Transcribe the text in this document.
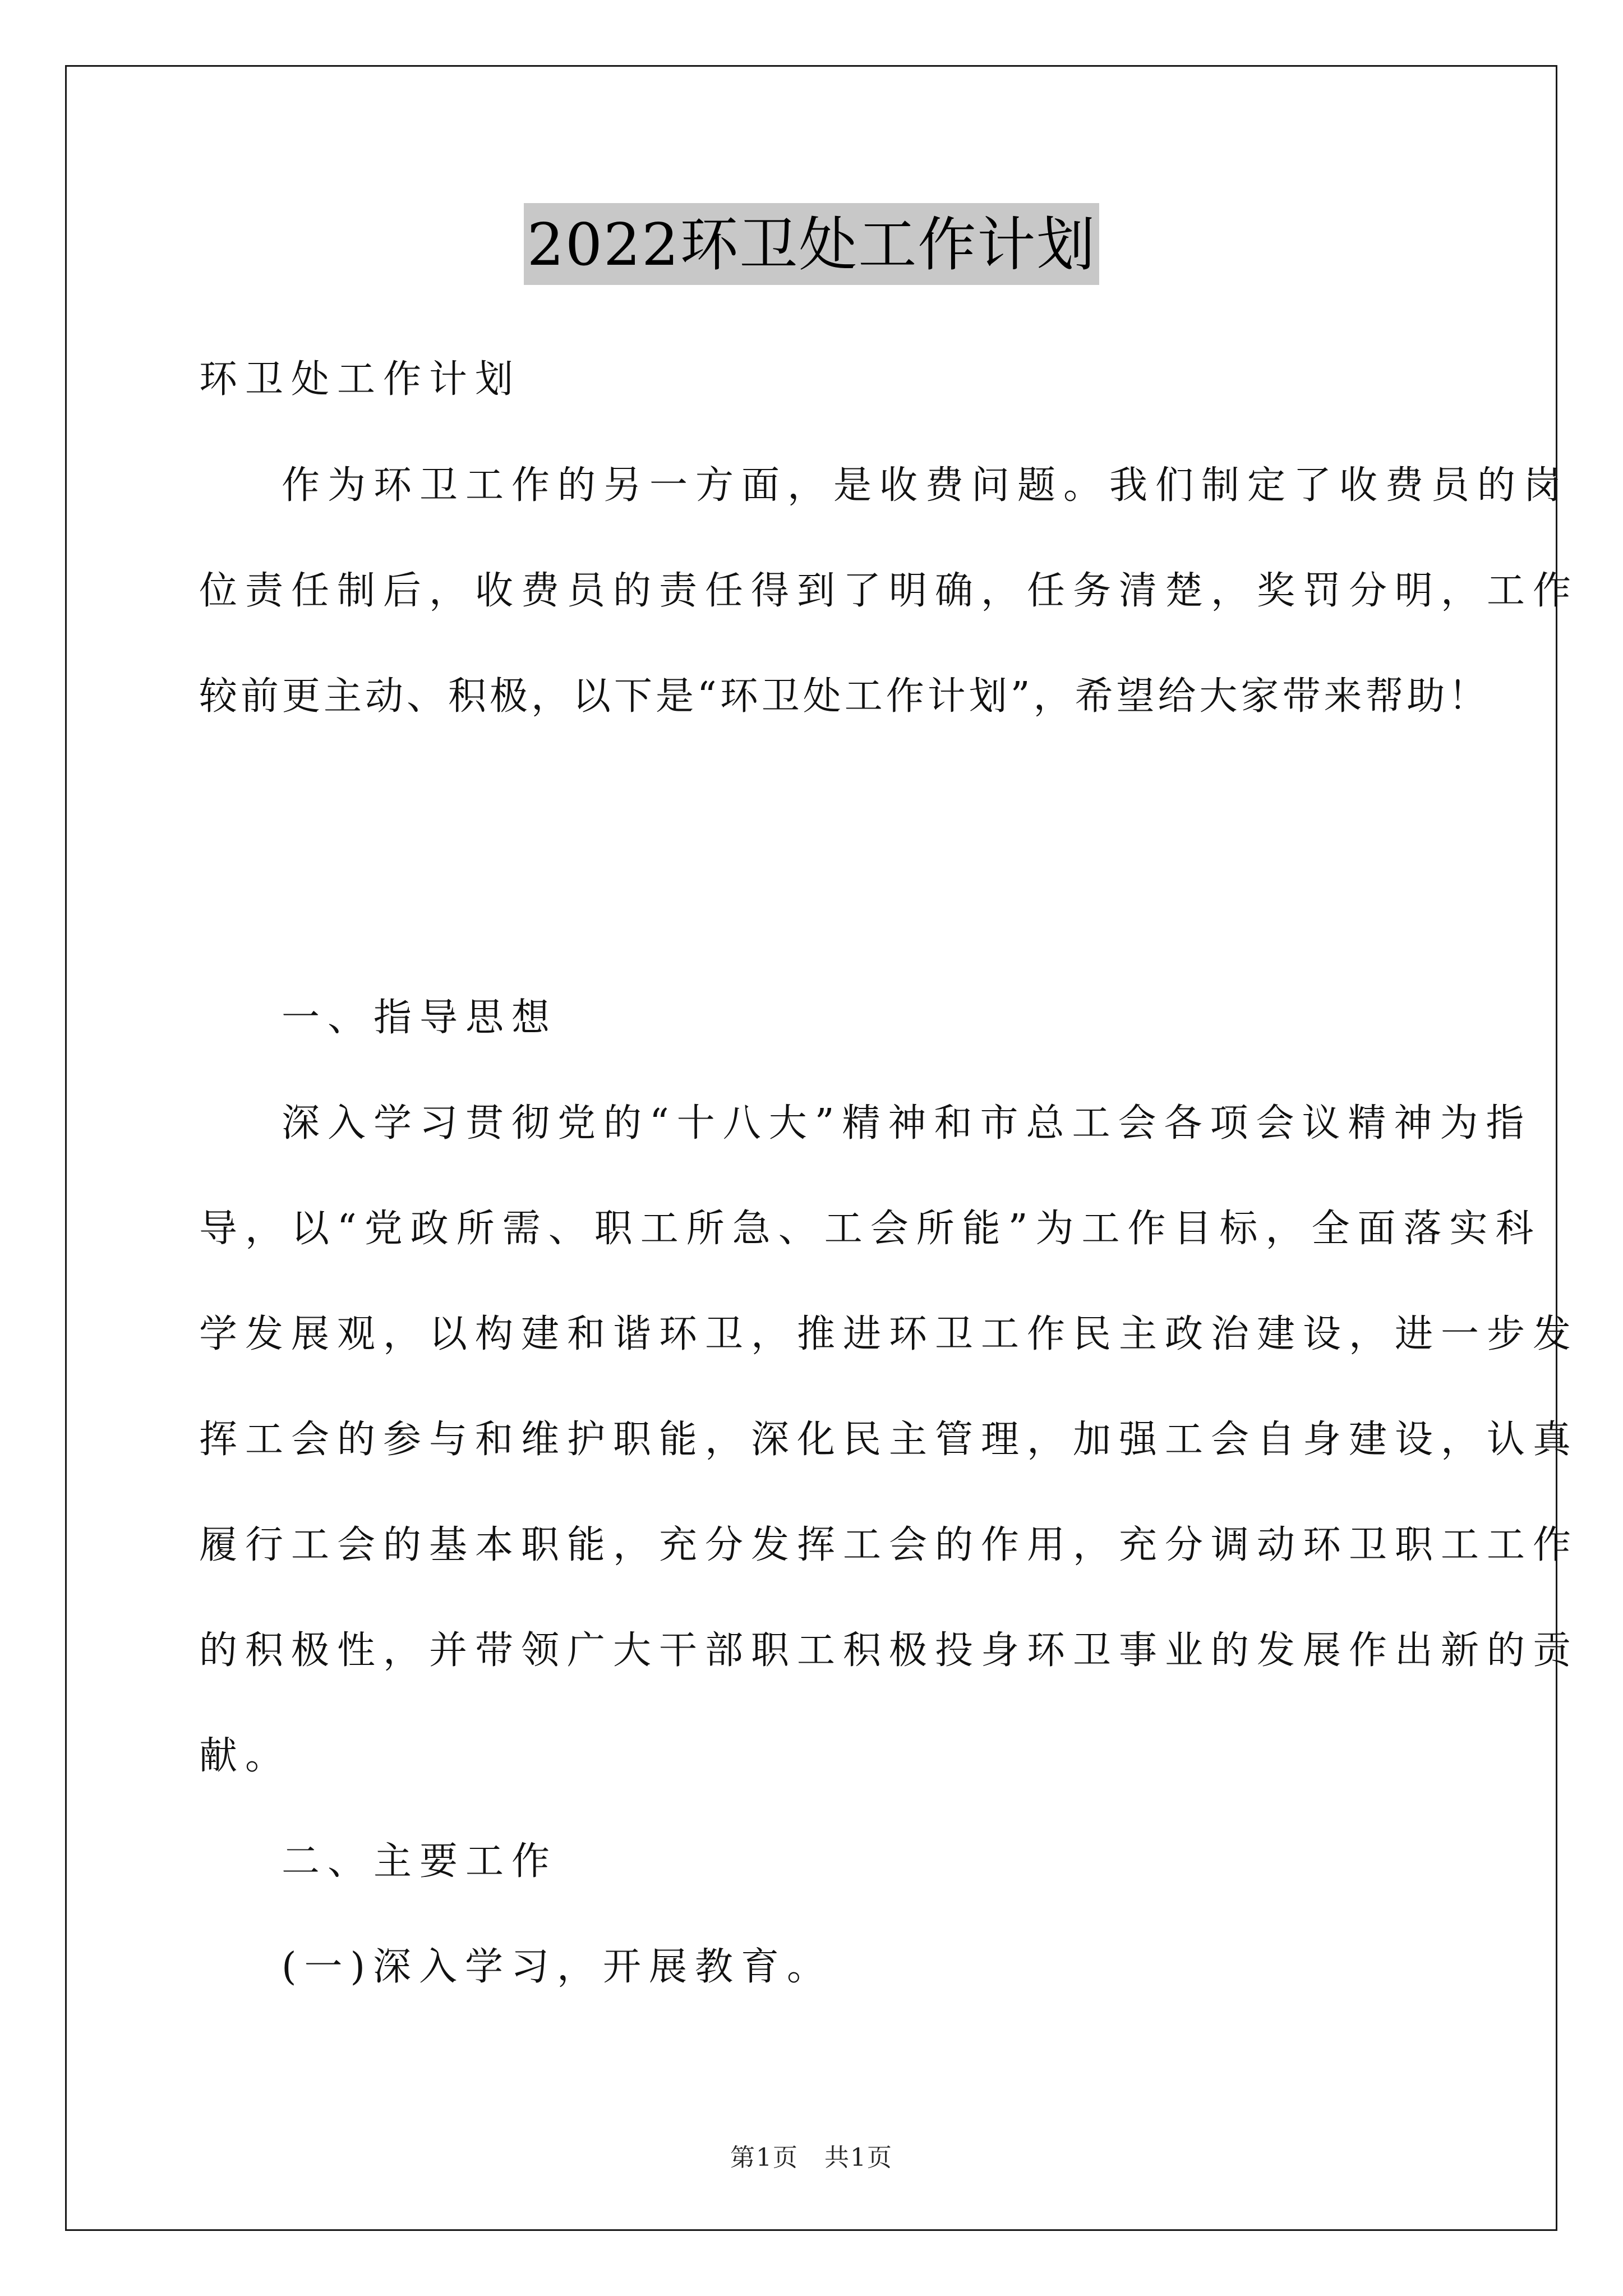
2022环卫处工作计划
环卫处工作计划
作为环卫工作的另一方面，是收费问题。我们制定了收费员的岗
位责任制后，收费员的责任得到了明确，任务清楚，奖罚分明，工作
较前更主动、积极，以下是“环卫处工作计划”，希望给大家带来帮助！
一、指导思想
深入学习贯彻党的“十八大”精神和市总工会各项会议精神为指
导，以“党政所需、职工所急、工会所能”为工作目标，全面落实科
学发展观，以构建和谐环卫，推进环卫工作民主政治建设，进一步发
挥工会的参与和维护职能，深化民主管理，加强工会自身建设，认真
履行工会的基本职能，充分发挥工会的作用，充分调动环卫职工工作
的积极性，并带领广大干部职工积极投身环卫事业的发展作出新的贡
献。
二、主要工作
(一)深入学习，开展教育。
第1页　共1页
